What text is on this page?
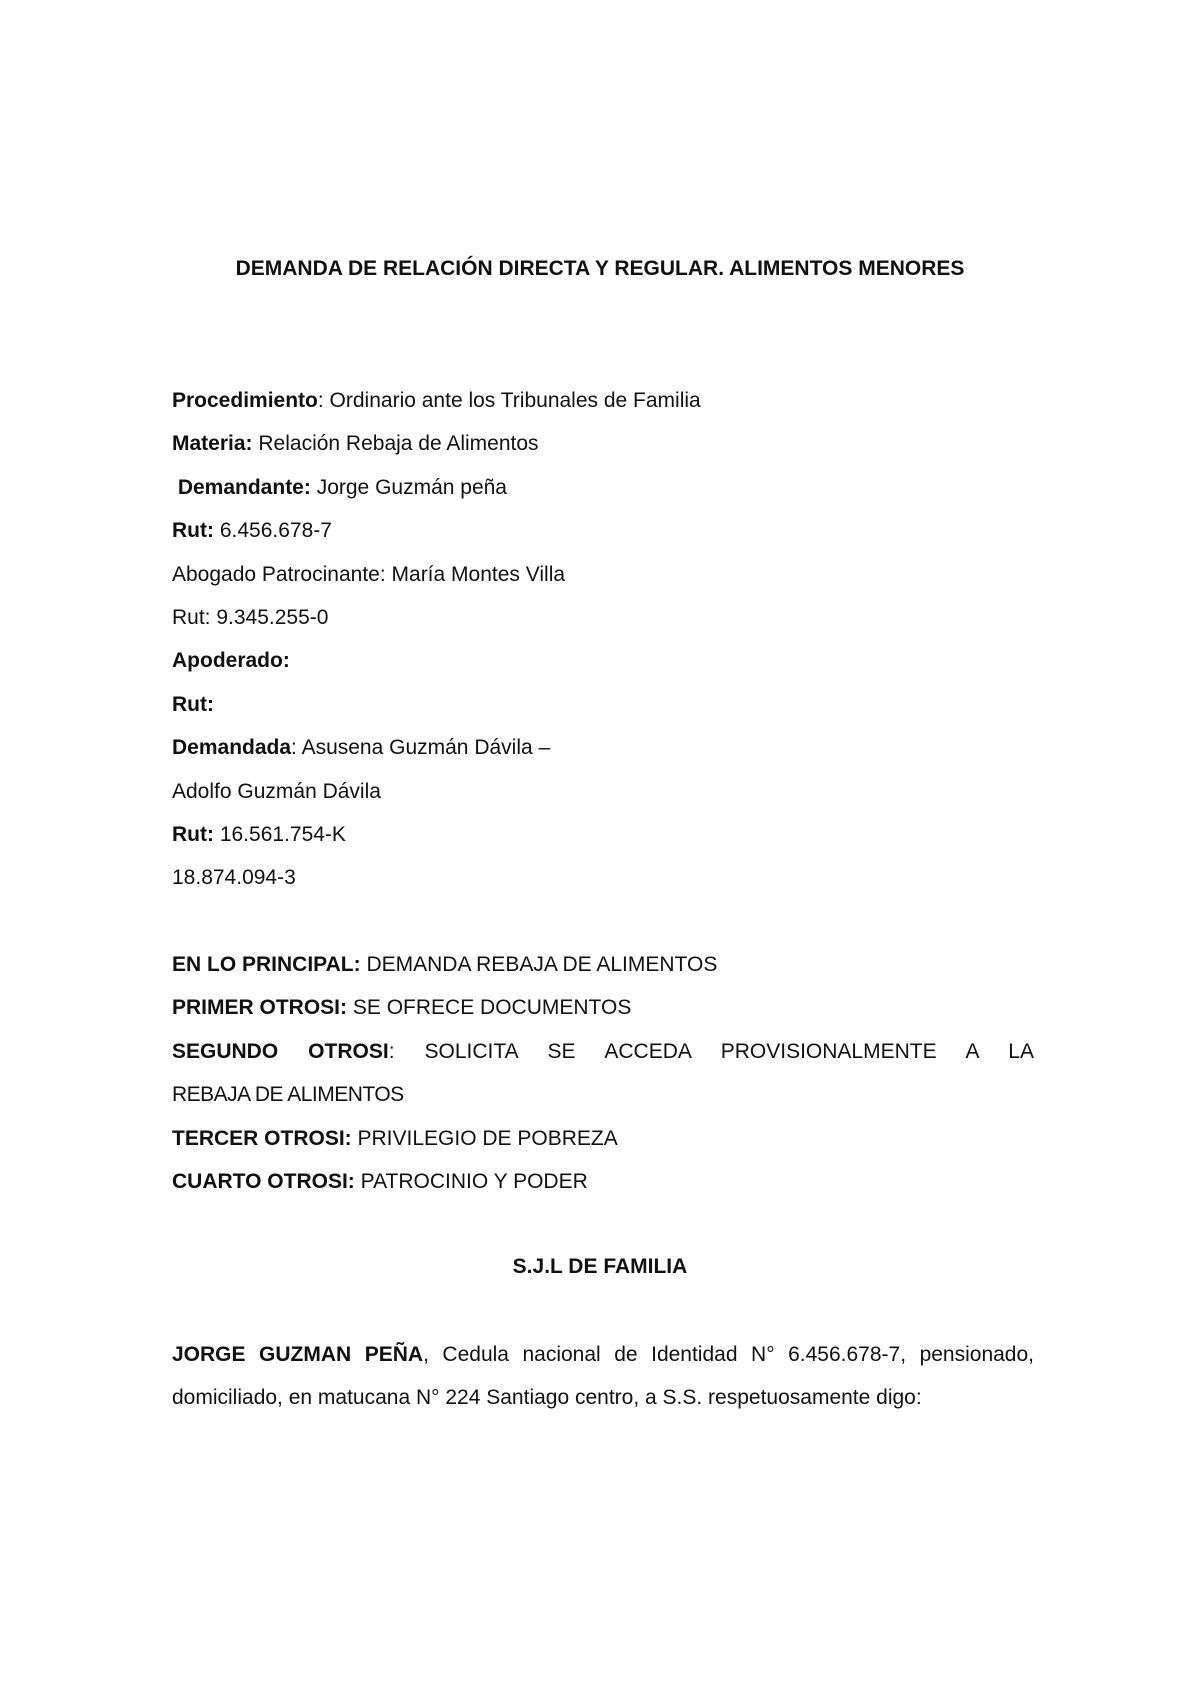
DEMANDA DE RELACIÓN DIRECTA Y REGULAR. ALIMENTOS MENORES
Procedimiento: Ordinario ante los Tribunales de Familia
Materia: Relación Rebaja de Alimentos
Demandante: Jorge Guzmán peña
Rut: 6.456.678-7
Abogado Patrocinante: María Montes Villa
Rut: 9.345.255-0
Apoderado:
Rut:
Demandada: Asusena Guzmán Dávila –
Adolfo Guzmán Dávila
Rut: 16.561.754-K
18.874.094-3
EN LO PRINCIPAL: DEMANDA REBAJA DE ALIMENTOS
PRIMER OTROSI: SE OFRECE DOCUMENTOS
SEGUNDO OTROSI: SOLICITA SE ACCEDA PROVISIONALMENTE A LA
REBAJA DE ALIMENTOS
TERCER OTROSI: PRIVILEGIO DE POBREZA
CUARTO OTROSI: PATROCINIO Y PODER
S.J.L DE FAMILIA
JORGE GUZMAN PEÑA, Cedula nacional de Identidad N° 6.456.678-7, pensionado, domiciliado, en matucana N° 224 Santiago centro, a S.S. respetuosamente digo:
